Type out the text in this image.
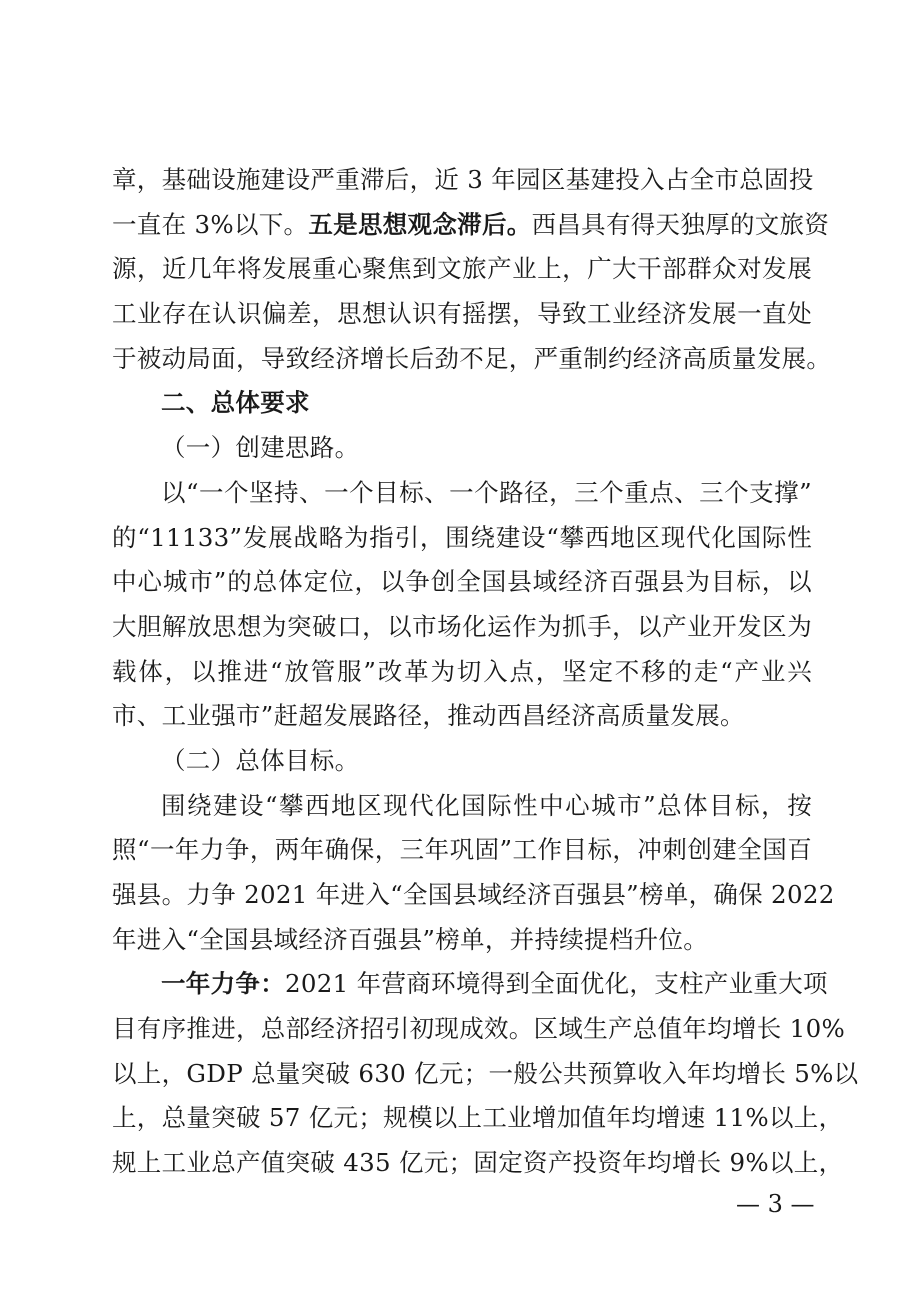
章，基础设施建设严重滞后，近 3 年园区基建投入占全市总固投
一直在 3%以下。五是思想观念滞后。西昌具有得天独厚的文旅资
源，近几年将发展重心聚焦到文旅产业上，广大干部群众对发展
工业存在认识偏差，思想认识有摇摆，导致工业经济发展一直处
于被动局面，导致经济增长后劲不足，严重制约经济高质量发展。
二、总体要求
（一）创建思路。
以“一个坚持、一个目标、一个路径，三个重点、三个支撑”
的“11133”发展战略为指引，围绕建设“攀西地区现代化国际性
中心城市”的总体定位，以争创全国县域经济百强县为目标，以
大胆解放思想为突破口，以市场化运作为抓手，以产业开发区为
载体，以推进“放管服”改革为切入点，坚定不移的走“产业兴
市、工业强市”赶超发展路径，推动西昌经济高质量发展。
（二）总体目标。
围绕建设“攀西地区现代化国际性中心城市”总体目标，按
照“一年力争，两年确保，三年巩固”工作目标，冲刺创建全国百
强县。力争 2021 年进入“全国县域经济百强县”榜单，确保 2022
年进入“全国县域经济百强县”榜单，并持续提档升位。
一年力争：2021 年营商环境得到全面优化，支柱产业重大项
目有序推进，总部经济招引初现成效。区域生产总值年均增长 10%
以上，GDP 总量突破 630 亿元；一般公共预算收入年均增长 5%以
上，总量突破 57 亿元；规模以上工业增加值年均增速 11%以上，
规上工业总产值突破 435 亿元；固定资产投资年均增长 9%以上，
— 3 —
